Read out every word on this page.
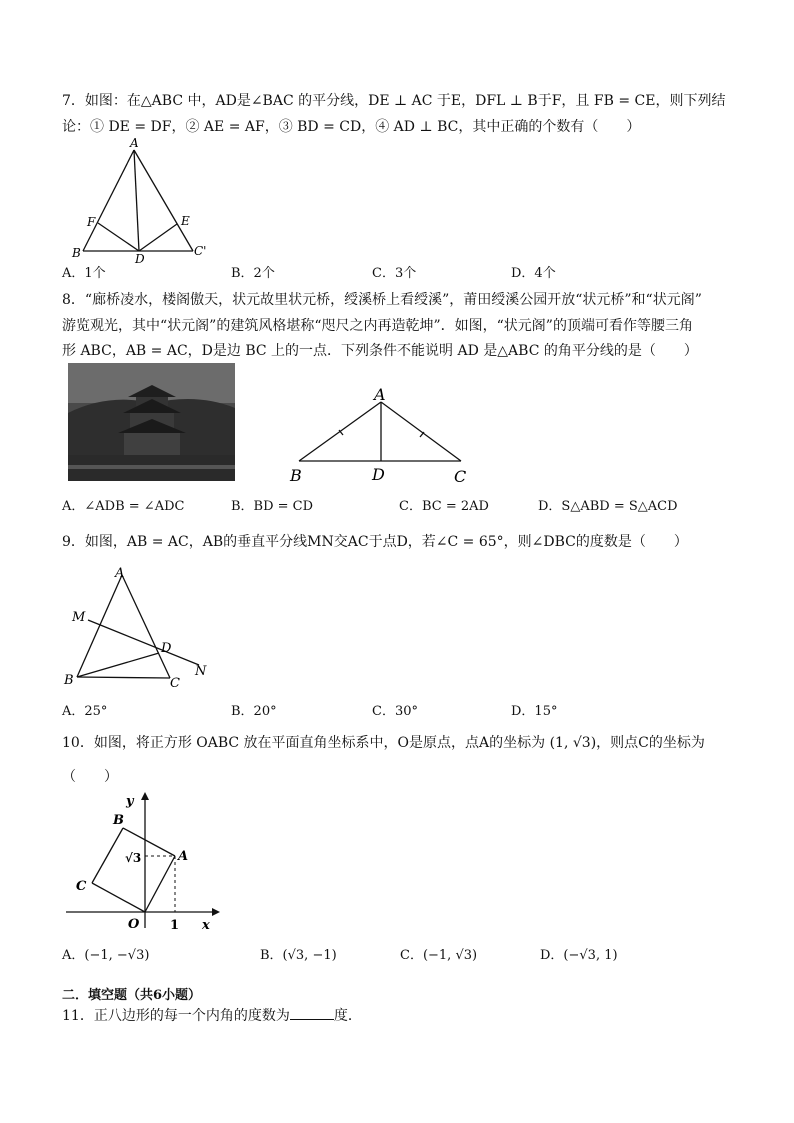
7．如图：在△ABC 中，AD是∠BAC 的平分线，DE ⊥ AC 于E，DFL ⊥ B于F，且 FB = CE，则下列结
论：① DE = DF，② AE = AF，③ BD = CD，④ AD ⊥ BC，其中正确的个数有（　　）
A
B	C'
D
E
F
A．1个	B．2个	C．3个	D．4个
8．“廊桥凌水，楼阁傲天，状元故里状元桥，绶溪桥上看绶溪”，莆田绶溪公园开放“状元桥”和“状元阁”
游览观光，其中“状元阁”的建筑风格堪称“咫尺之内再造乾坤”．如图，“状元阁”的顶端可看作等腰三角
形 ABC，AB = AC，D是边 BC 上的一点．下列条件不能说明 AD 是△ABC 的角平分线的是（　　）
A
B	D	C
A．∠ADB = ∠ADC	B．BD = CD	C．BC = 2AD	D．S△ABD = S△ACD
9．如图，AB = AC，AB的垂直平分线MN交AC于点D，若∠C = 65°，则∠DBC的度数是（　　）
A
M
D
N
B	C
A．25°	B．20°	C．30°	D．15°
10．如图，将正方形 OABC 放在平面直角坐标系中，O是原点，点A的坐标为 (1, √3)，则点C的坐标为
（　　）
y
x
B
A
C
O 1
√3
A．(−1, −√3)	B．(√3, −1)	C．(−1, √3)	D．(−√3, 1)
二．填空题（共6小题）
11．正八边形的每一个内角的度数为	度．
